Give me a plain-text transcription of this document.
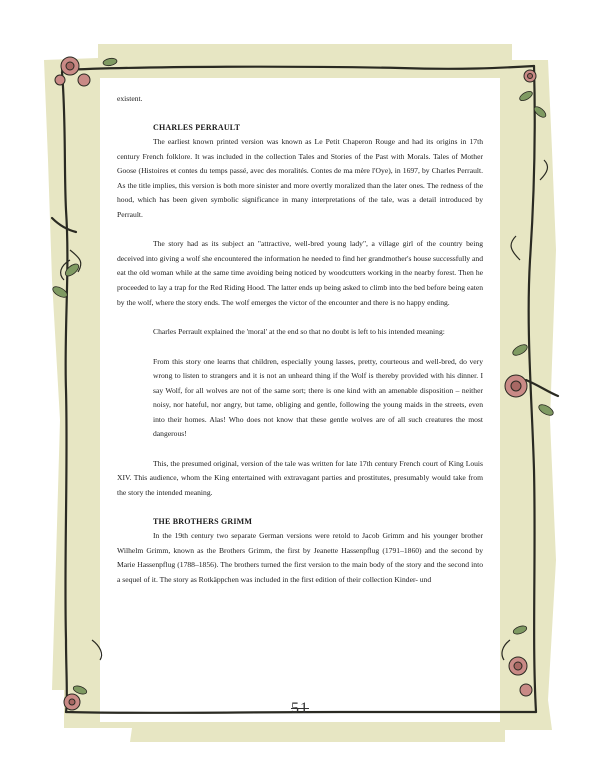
existent.

CHARLES PERRAULT

The earliest known printed version was known as Le Petit Chaperon Rouge and had its origins in 17th century French folklore. It was included in the collection Tales and Stories of the Past with Morals. Tales of Mother Goose (Histoires et contes du temps passé, avec des moralités. Contes de ma mère l'Oye), in 1697, by Charles Perrault. As the title implies, this version is both more sinister and more overtly moralized than the later ones. The redness of the hood, which has been given symbolic significance in many interpretations of the tale, was a detail introduced by Perrault.

The story had as its subject an "attractive, well-bred young lady", a village girl of the country being deceived into giving a wolf she encountered the information he needed to find her grandmother's house successfully and eat the old woman while at the same time avoiding being noticed by woodcutters working in the nearby forest. Then he proceeded to lay a trap for the Red Riding Hood. The latter ends up being asked to climb into the bed before being eaten by the wolf, where the story ends. The wolf emerges the victor of the encounter and there is no happy ending.

Charles Perrault explained the 'moral' at the end so that no doubt is left to his intended meaning:

From this story one learns that children, especially young lasses, pretty, courteous and well-bred, do very wrong to listen to strangers and it is not an unheard thing if the Wolf is thereby provided with his dinner. I say Wolf, for all wolves are not of the same sort; there is one kind with an amenable disposition – neither noisy, nor hateful, nor angry, but tame, obliging and gentle, following the young maids in the streets, even into their homes. Alas! Who does not know that these gentle wolves are of all such creatures the most dangerous!

This, the presumed original, version of the tale was written for late 17th century French court of King Louis XIV. This audience, whom the King entertained with extravagant parties and prostitutes, presumably would take from the story the intended meaning.

THE BROTHERS GRIMM

In the 19th century two separate German versions were retold to Jacob Grimm and his younger brother Wilhelm Grimm, known as the Brothers Grimm, the first by Jeanette Hassenpflug (1791–1860) and the second by Marie Hassenpflug (1788–1856). The brothers turned the first version to the main body of the story and the second into a sequel of it. The story as Rotkäppchen was included in the first edition of their collection Kinder- und

51
